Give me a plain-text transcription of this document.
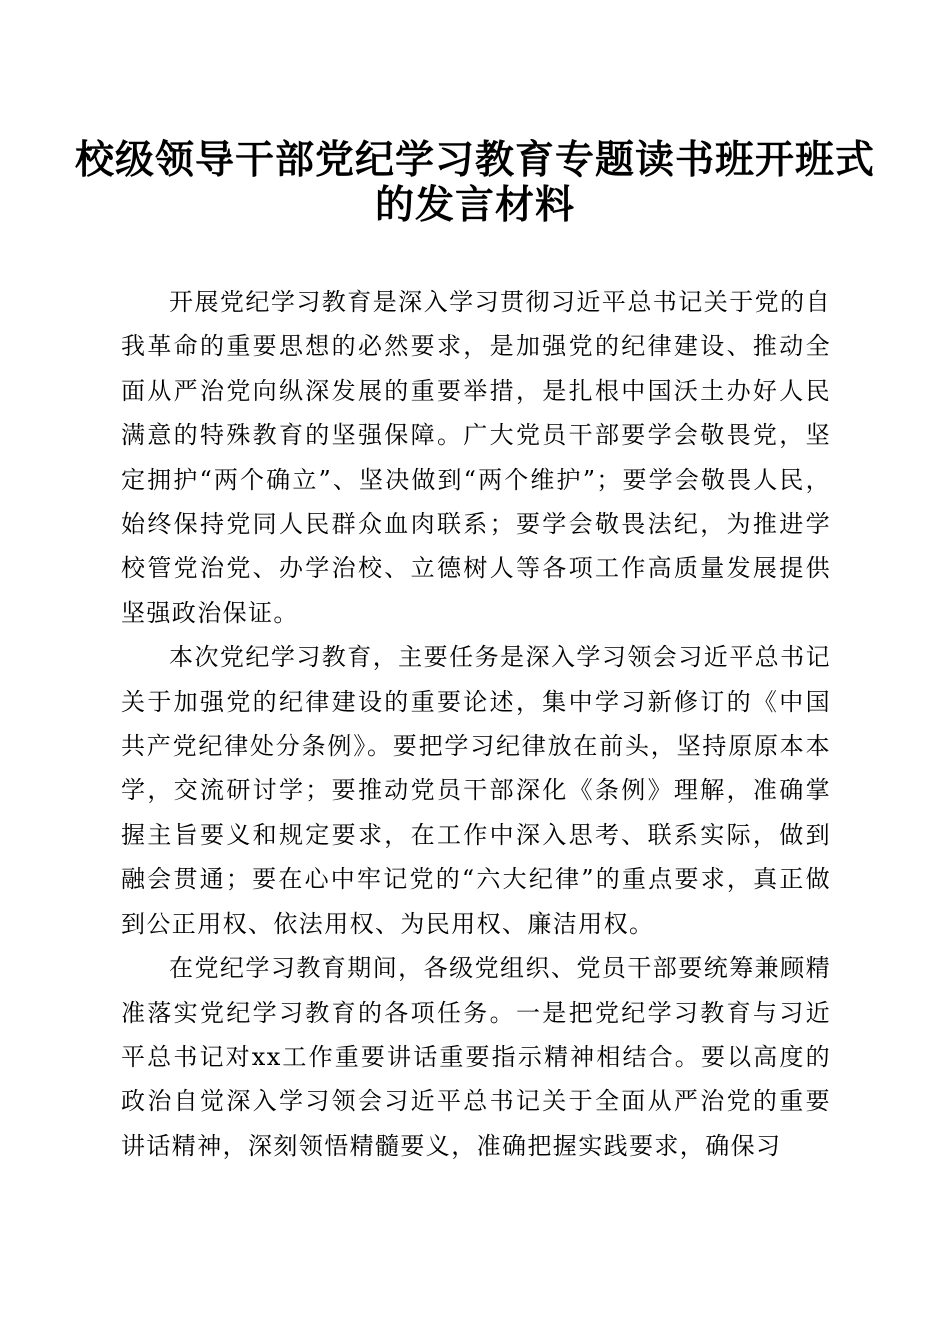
校级领导干部党纪学习教育专题读书班开班式
的发言材料

开展党纪学习教育是深入学习贯彻习近平总书记关于党的自我革命的重要思想的必然要求，是加强党的纪律建设、推动全面从严治党向纵深发展的重要举措，是扎根中国沃土办好人民满意的特殊教育的坚强保障。广大党员干部要学会敬畏党，坚定拥护“两个确立”、坚决做到“两个维护”；要学会敬畏人民，始终保持党同人民群众血肉联系；要学会敬畏法纪，为推进学校管党治党、办学治校、立德树人等各项工作高质量发展提供坚强政治保证。

本次党纪学习教育，主要任务是深入学习领会习近平总书记关于加强党的纪律建设的重要论述，集中学习新修订的《中国共产党纪律处分条例》。要把学习纪律放在前头，坚持原原本本学，交流研讨学；要推动党员干部深化《条例》理解，准确掌握主旨要义和规定要求，在工作中深入思考、联系实际，做到融会贯通；要在心中牢记党的“六大纪律”的重点要求，真正做到公正用权、依法用权、为民用权、廉洁用权。

在党纪学习教育期间，各级党组织、党员干部要统筹兼顾精准落实党纪学习教育的各项任务。一是把党纪学习教育与习近平总书记对xx工作重要讲话重要指示精神相结合。要以高度的政治自觉深入学习领会习近平总书记关于全面从严治党的重要讲话精神，深刻领悟精髓要义，准确把握实践要求，确保习
